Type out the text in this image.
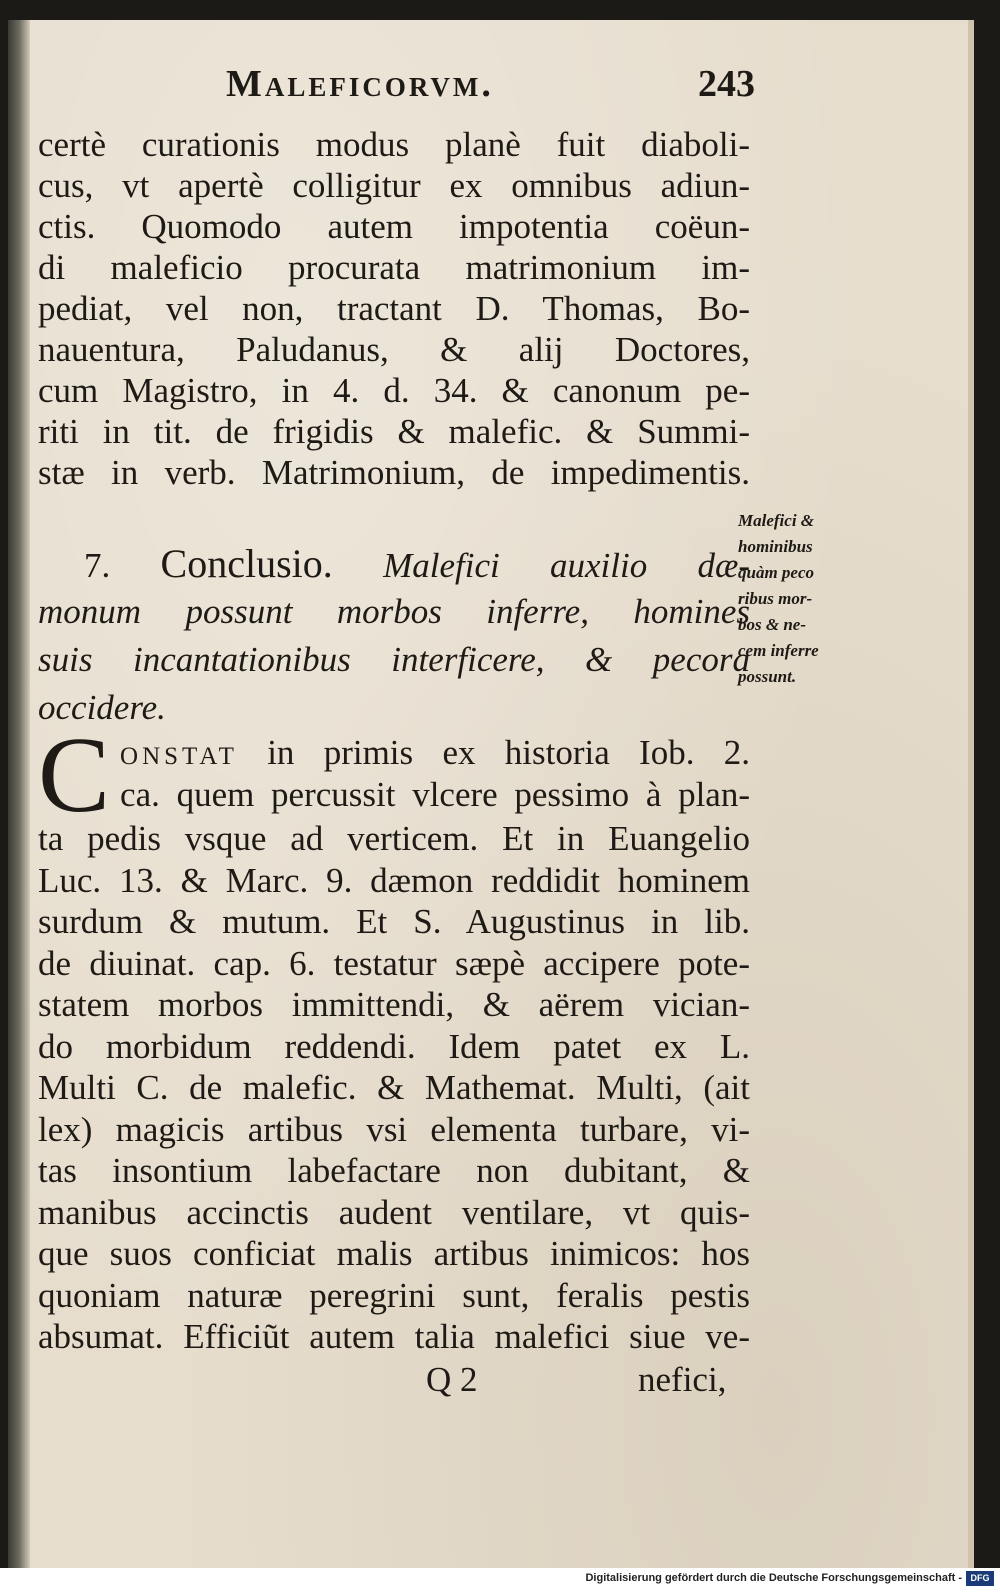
Maleficorvm.	243
certè curationis modus planè fuit diaboli-
cus, vt apertè colligitur ex omnibus adiun-
ctis. Quomodo autem impotentia coëun-
di maleficio procurata matrimonium im-
pediat, vel non, tractant D. Thomas, Bo-
nauentura, Paludanus, & alij Doctores,
cum Magistro, in 4. d. 34. & canonum pe-
riti in tit. de frigidis & malefic. & Summi-
stæ in verb. Matrimonium, de impedimentis.
7. Conclusio. Malefici auxilio dæ-
monum possunt morbos inferre, homines
suis incantationibus interficere, & pecora
occidere.
Malefici &
hominibus
quàm peco
ribus mor-
bos & ne-
cem inferre
possunt.
C onstat in primis ex historia Iob. 2.
ca. quem percussit vlcere pessimo à plan-
ta pedis vsque ad verticem. Et in Euangelio
Luc. 13. & Marc. 9. dæmon reddidit hominem
surdum & mutum. Et S. Augustinus in lib.
de diuinat. cap. 6. testatur sæpè accipere pote-
statem morbos immittendi, & aërem vician-
do morbidum reddendi. Idem patet ex L.
Multi C. de malefic. & Mathemat. Multi, (ait
lex) magicis artibus vsi elementa turbare, vi-
tas insontium labefactare non dubitant, &
manibus accinctis audent ventilare, vt quis-
que suos conficiat malis artibus inimicos: hos
quoniam naturæ peregrini sunt, feralis pestis
absumat. Efficiũt autem talia malefici siue ve-
Q 2	nefici,
Digitalisierung gefördert durch die Deutsche Forschungsgemeinschaft - DFG
